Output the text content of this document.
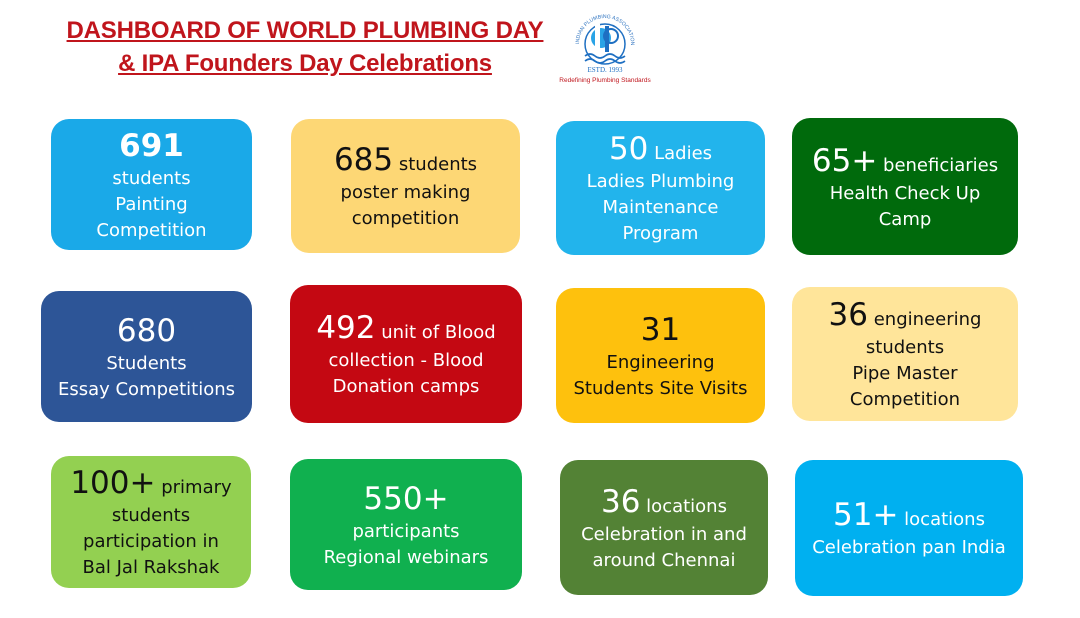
DASHBOARD OF WORLD PLUMBING DAY
& IPA Founders Day Celebrations
INDIAN PLUMBING ASSOCIATION
ESTD. 1993
Redefining Plumbing Standards
691
students
Painting
Competition
685 students
poster making
competition
50 Ladies
Ladies Plumbing
Maintenance
Program
65+ beneficiaries
Health Check Up
Camp
680
Students
Essay Competitions
492 unit of Blood
collection - Blood
Donation camps
31
Engineering
Students Site Visits
36 engineering
students
Pipe Master
Competition
100+ primary
students
participation in
Bal Jal Rakshak
550+
participants
Regional webinars
36 locations
Celebration in and
around Chennai
51+ locations
Celebration pan India
